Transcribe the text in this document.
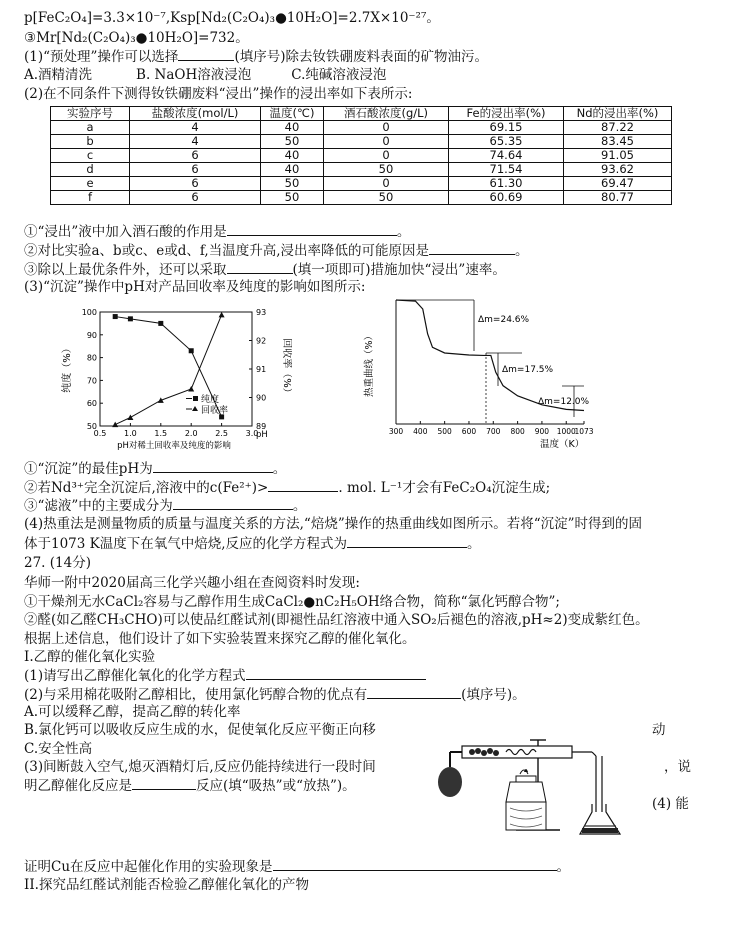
p[FeC₂O₄]=3.3×10⁻⁷,Ksp[Nd₂(C₂O₄)₃●10H₂O]=2.7X×10⁻²⁷。
③Mr[Nd₂(C₂O₄)₃●10H₂O]=732。
(1)“预处理”操作可以选择	(填序号)除去钕铁硼废料表面的矿物油污。
A.酒精清洗	B. NaOH溶液浸泡	C.纯碱溶液浸泡
(2)在不同条件下测得钕铁硼废料“浸出”操作的浸出率如下表所示:
实验序号	盐酸浓度(mol/L)	温度(℃)	酒石酸浓度(g/L)	Fe的浸出率(%)	Nd的浸出率(%)
a	4	40	0	69.15	87.22
b	4	50	0	65.35	83.45
c	6	40	0	74.64	91.05
d	6	40	50	71.54	93.62
e	6	50	0	61.30	69.47
f	6	50	50	60.69	80.77
①“浸出”液中加入酒石酸的作用是	。
②对比实验a、b或c、e或d、f,当温度升高,浸出率降低的可能原因是	。
③除以上最优条件外，还可以采取	(填一项即可)措施加快“浸出”速率。
(3)“沉淀”操作中pH对产品回收率及纯度的影响如图所示:
0.5 1.0 1.5 2.0 2.5 3.0
50
60
70
80
90
100
89
90
91
92
93
纯度（%）	回收率（%）
pH
pH对稀土回收率及纯度的影响
纯度
回收率
300 400 500 600 700 800 900 1000
1073
热重曲线（%）
温度（K）
Δm=24.6%
Δm=17.5%
Δm=12.0%
①“沉淀”的最佳pH为	。
②若Nd³⁺完全沉淀后,溶液中的c(Fe²⁺)>	. mol. L⁻¹才会有FeC₂O₄沉淀生成;
③“滤液”中的主要成分为	。
(4)热重法是测量物质的质量与温度关系的方法,“焙烧”操作的热重曲线如图所示。若将“沉淀”时得到的固
体于1073 K温度下在氧气中焙烧,反应的化学方程式为	。
27. (14分)
华师一附中2020届高三化学兴趣小组在查阅资料时发现:
①干燥剂无水CaCl₂容易与乙醇作用生成CaCl₂●nC₂H₅OH络合物，简称“氯化钙醇合物”;
②醛(如乙醛CH₃CHO)可以使品红醛试剂(即褪性品红溶液中通入SO₂后褪色的溶液,pH≈2)变成紫红色。
根据上述信息，他们设计了如下实验装置来探究乙醇的催化氧化。
I.乙醇的催化氧化实验
(1)请写出乙醇催化氧化的化学方程式
(2)与采用棉花吸附乙醇相比，使用氯化钙醇合物的优点有	(填序号)。
A.可以缓释乙醇，提高乙醇的转化率
B.氯化钙可以吸收反应生成的水，促使氧化反应平衡正向移	动
C.安全性高
(3)间断鼓入空气,熄灭酒精灯后,反应仍能持续进行一段时间	，说
明乙醇催化反应是	反应(填“吸热”或“放热”)。
(4) 能
证明Cu在反应中起催化作用的实验现象是	。
II.探究品红醛试剂能否检验乙醇催化氧化的产物
